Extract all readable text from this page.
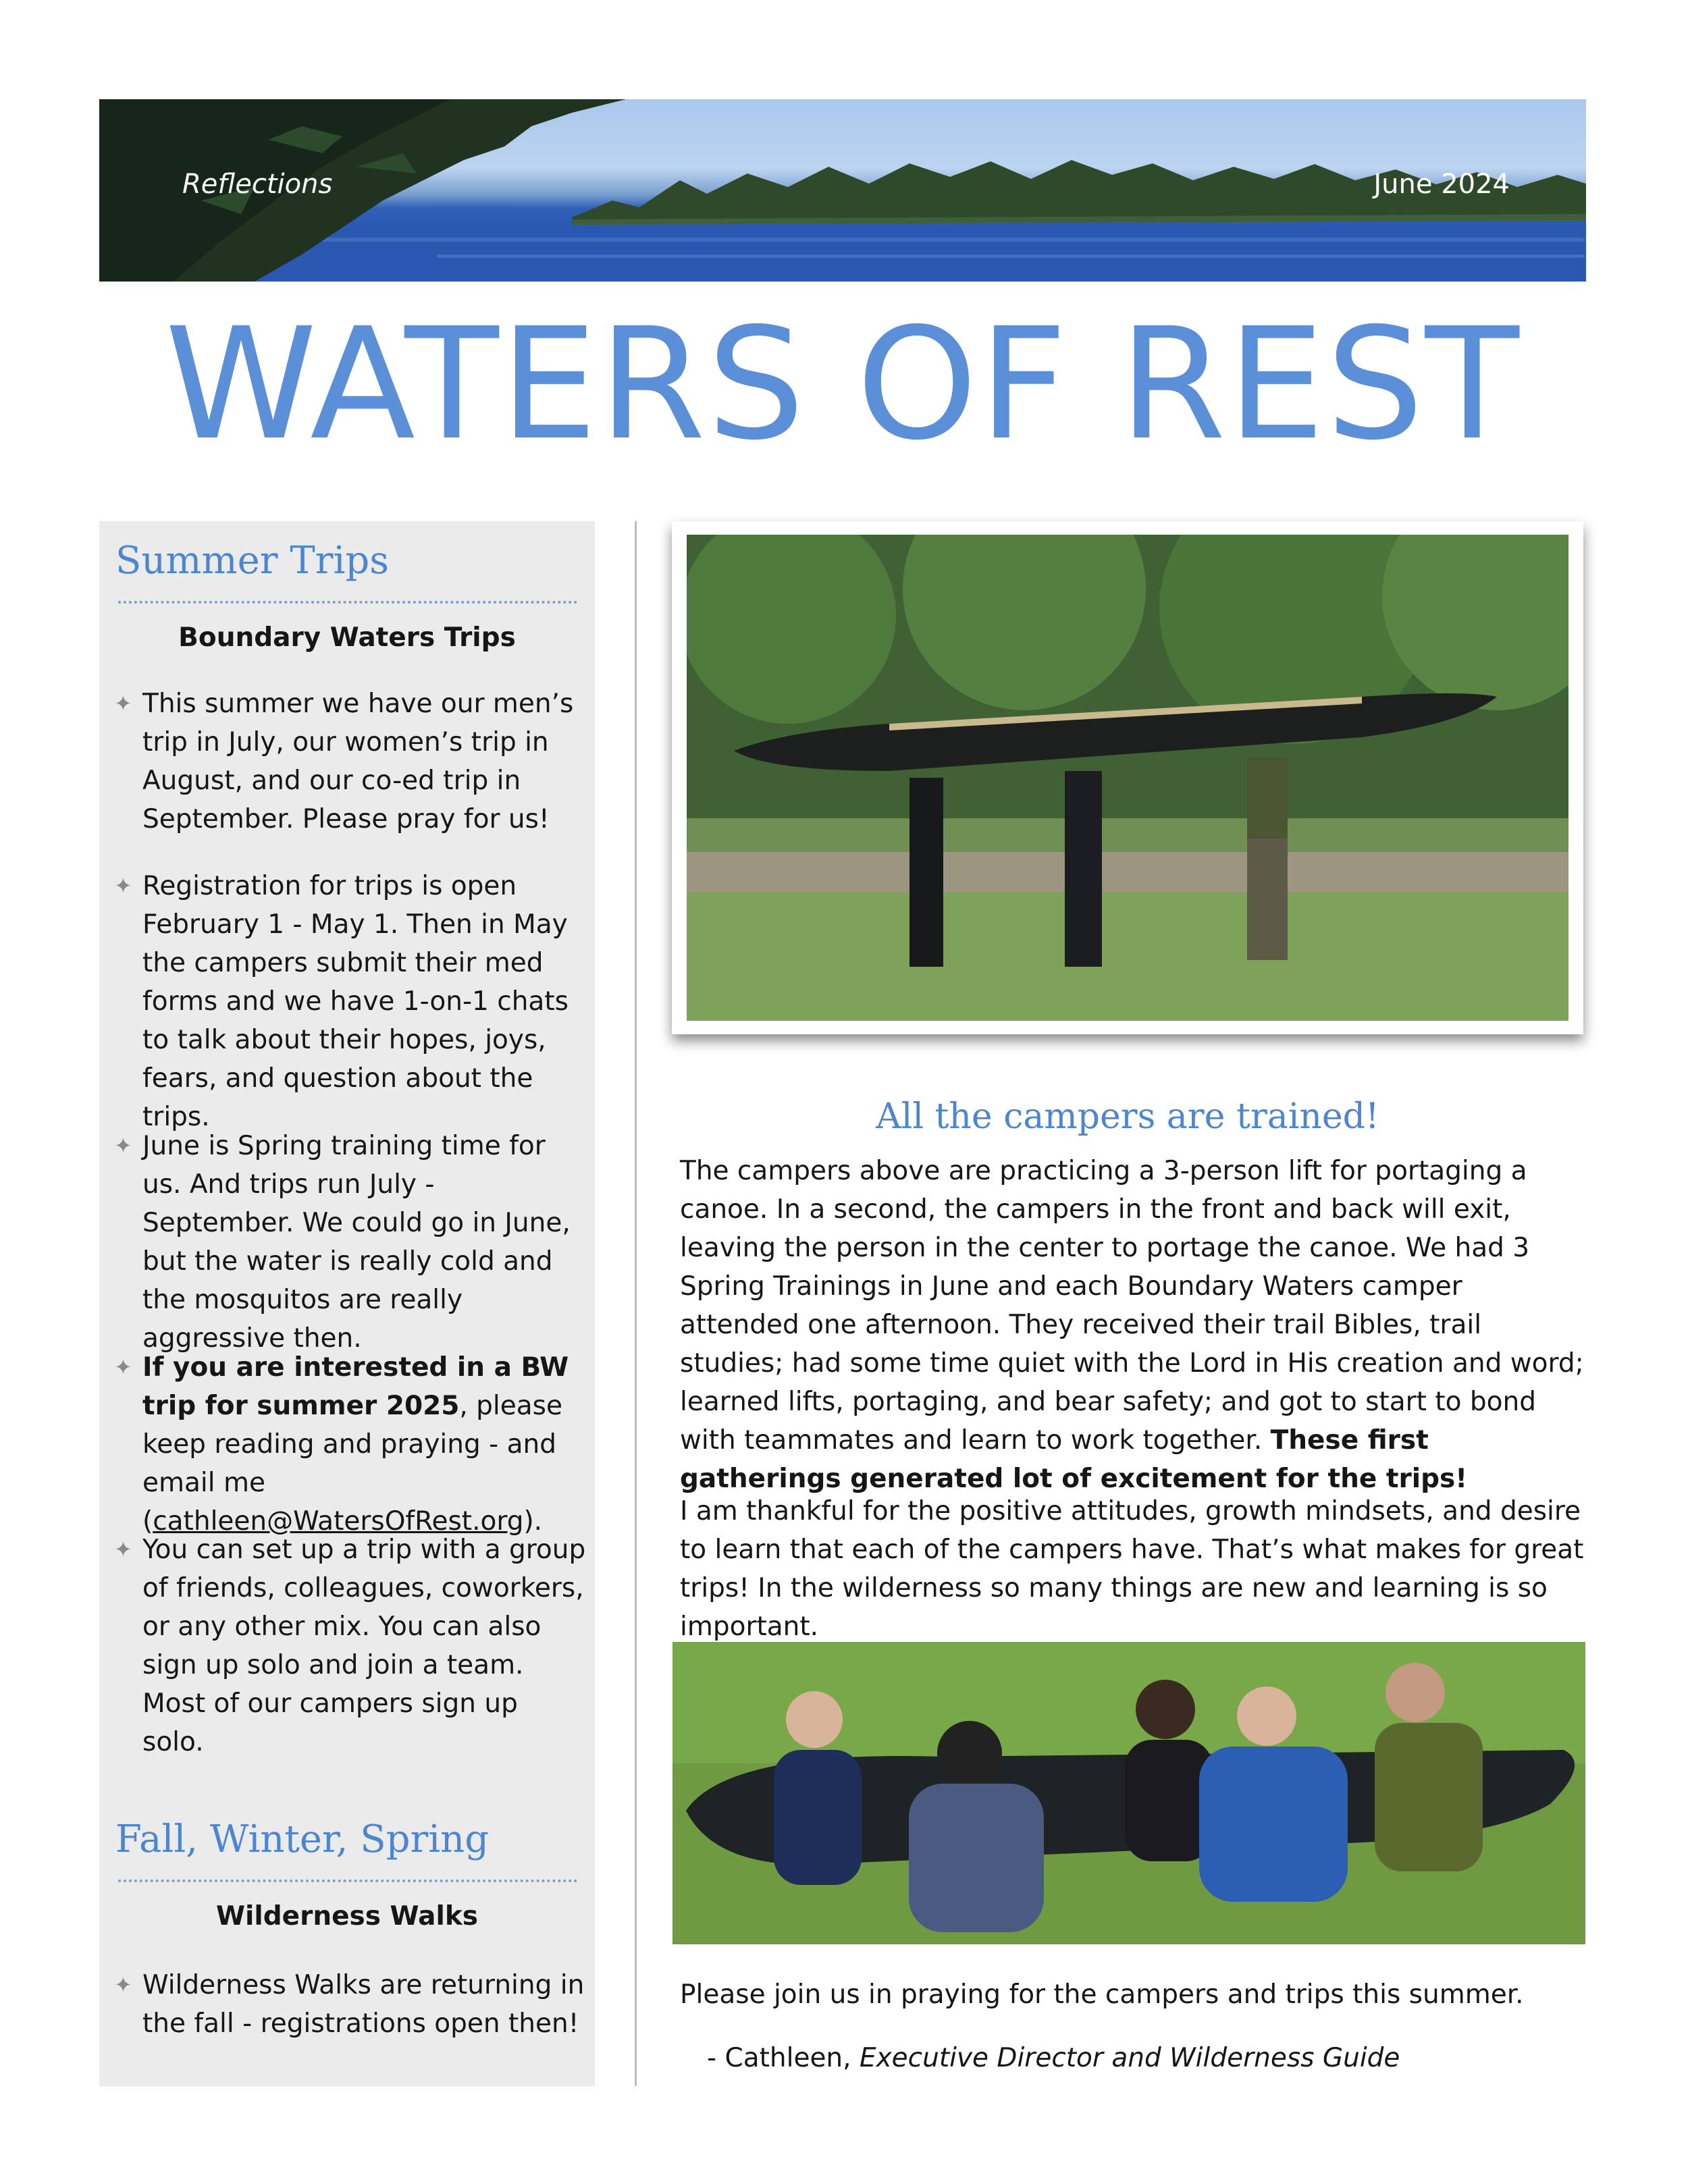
Reflections	June 2024
WATERS OF REST
Summer Trips
Boundary Waters Trips
✦ This summer we have our men’s trip in July, our women’s trip in August, and our co-ed trip in September. Please pray for us!
✦ Registration for trips is open February 1 - May 1. Then in May the campers submit their med forms and we have 1-on-1 chats to talk about their hopes, joys, fears, and question about the trips.
✦ June is Spring training time for us. And trips run July - September. We could go in June, but the water is really cold and the mosquitos are really aggressive then.
✦ If you are interested in a BW trip for summer 2025, please keep reading and praying - and email me (cathleen@WatersOfRest.org).
✦ You can set up a trip with a group of friends, colleagues, coworkers, or any other mix. You can also sign up solo and join a team. Most of our campers sign up solo.
Fall, Winter, Spring
Wilderness Walks
✦ Wilderness Walks are returning in the fall - registrations open then!
All the campers are trained!
The campers above are practicing a 3-person lift for portaging a canoe. In a second, the campers in the front and back will exit, leaving the person in the center to portage the canoe. We had 3 Spring Trainings in June and each Boundary Waters camper attended one afternoon. They received their trail Bibles, trail studies; had some time quiet with the Lord in His creation and word; learned lifts, portaging, and bear safety; and got to start to bond with teammates and learn to work together. These first gatherings generated lot of excitement for the trips!
I am thankful for the positive attitudes, growth mindsets, and desire to learn that each of the campers have. That’s what makes for great trips! In the wilderness so many things are new and learning is so important.
Please join us in praying for the campers and trips this summer.
- Cathleen, Executive Director and Wilderness Guide
